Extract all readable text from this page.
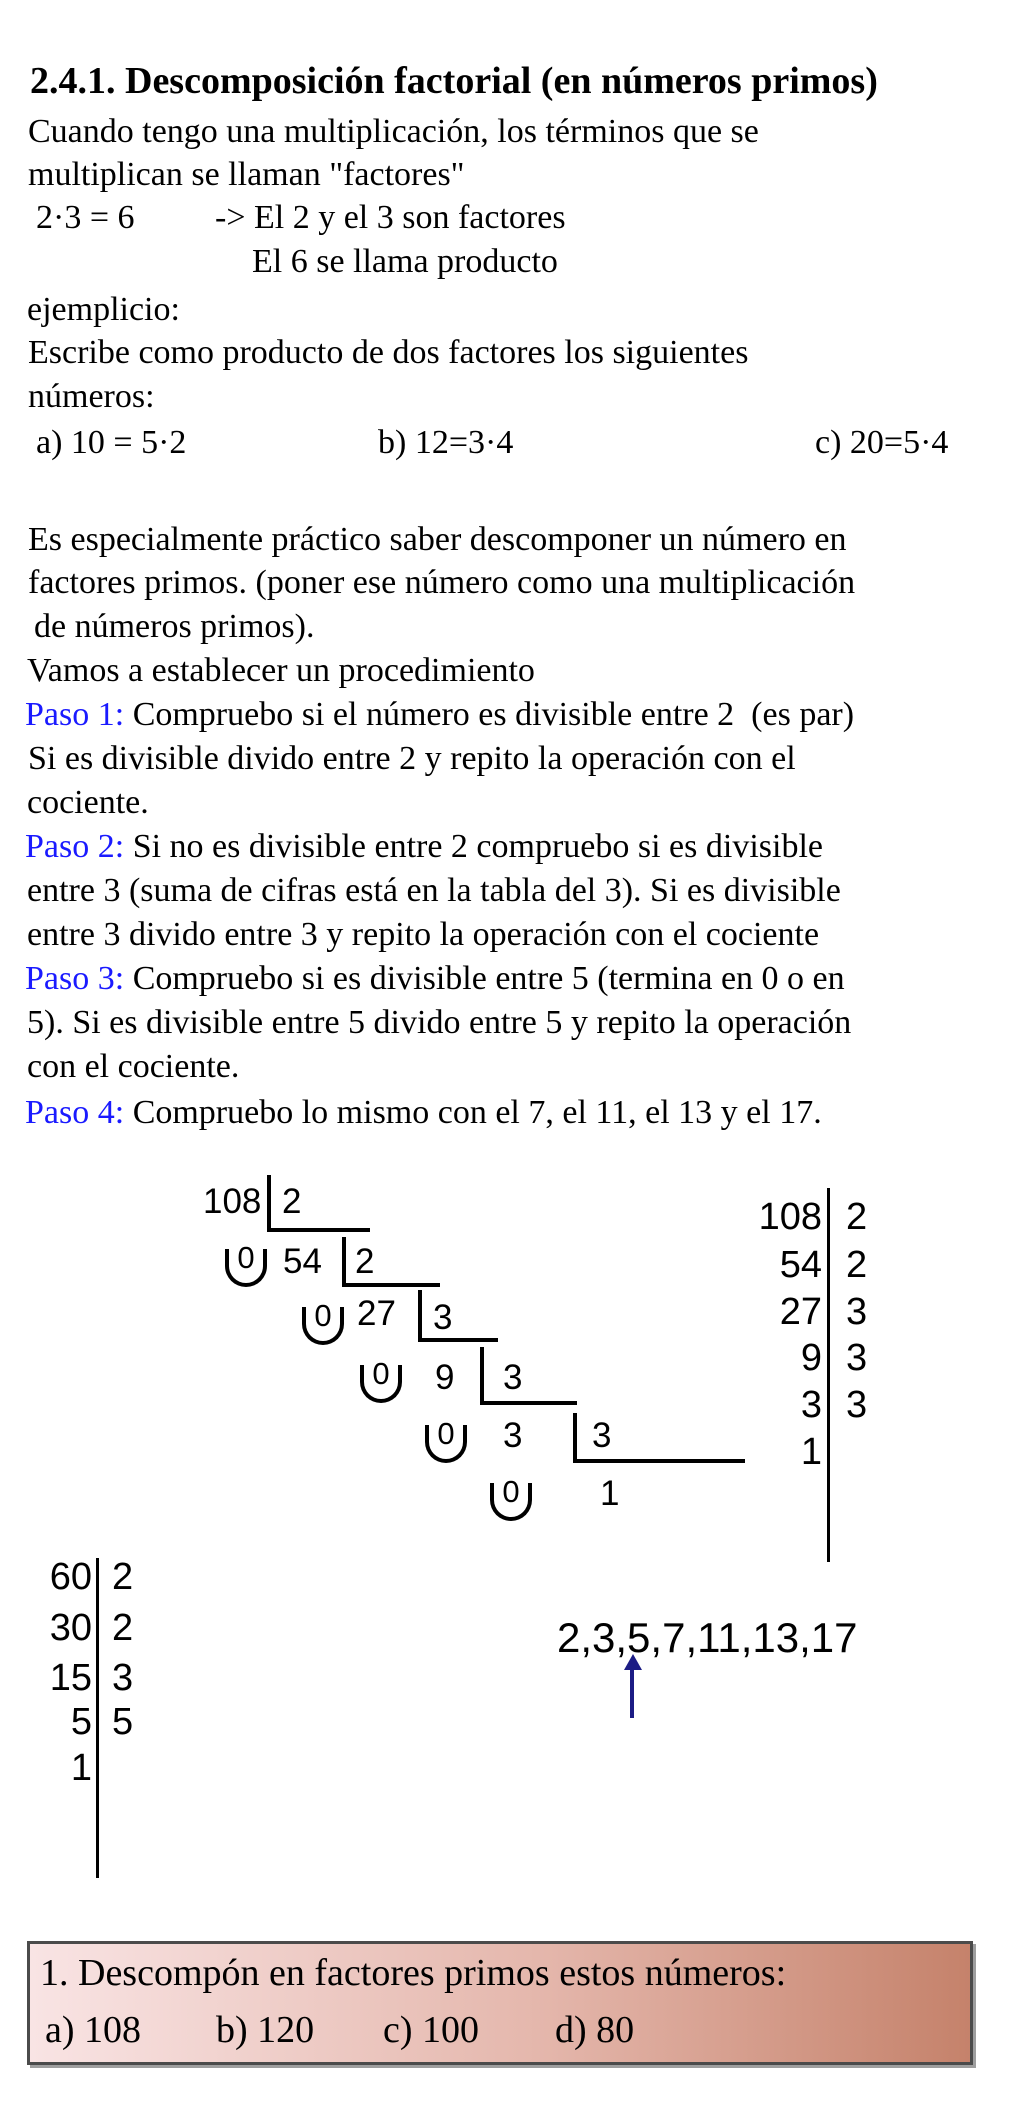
2.4.1. Descomposición factorial (en números primos)
Cuando tengo una multiplicación, los términos que se
multiplican se llaman "factores"
2·3 = 6 -> El 2 y el 3 son factores
El 6 se llama producto
ejemplicio:
Escribe como producto de dos factores los siguientes
números:
a) 10 = 5·2	b) 12=3·4	c) 20=5·4
Es especialmente práctico saber descomponer un número en
factores primos. (poner ese número como una multiplicación
de números primos).
Vamos a establecer un procedimiento
Paso 1: Compruebo si el número es divisible entre 2  (es par)
Si es divisible divido entre 2 y repito la operación con el
cociente.
Paso 2: Si no es divisible entre 2 compruebo si es divisible
entre 3 (suma de cifras está en la tabla del 3). Si es divisible
entre 3 divido entre 3 y repito la operación con el cociente
Paso 3: Compruebo si es divisible entre 5 (termina en 0 o en
5). Si es divisible entre 5 divido entre 5 y repito la operación
con el cociente.
Paso 4: Compruebo lo mismo con el 7, el 11, el 13 y el 17.
108 2
0 54 2
0 27 3
0 9 3
0 3 3
0 1
108 2
54 2
27 3
9 3
3 3
1
60 2
30 2
15 3
5 5
1
2,3,5,7,11,13,17
1. Descompón en factores primos estos números:
a) 108 b) 120 c) 100 d) 80
